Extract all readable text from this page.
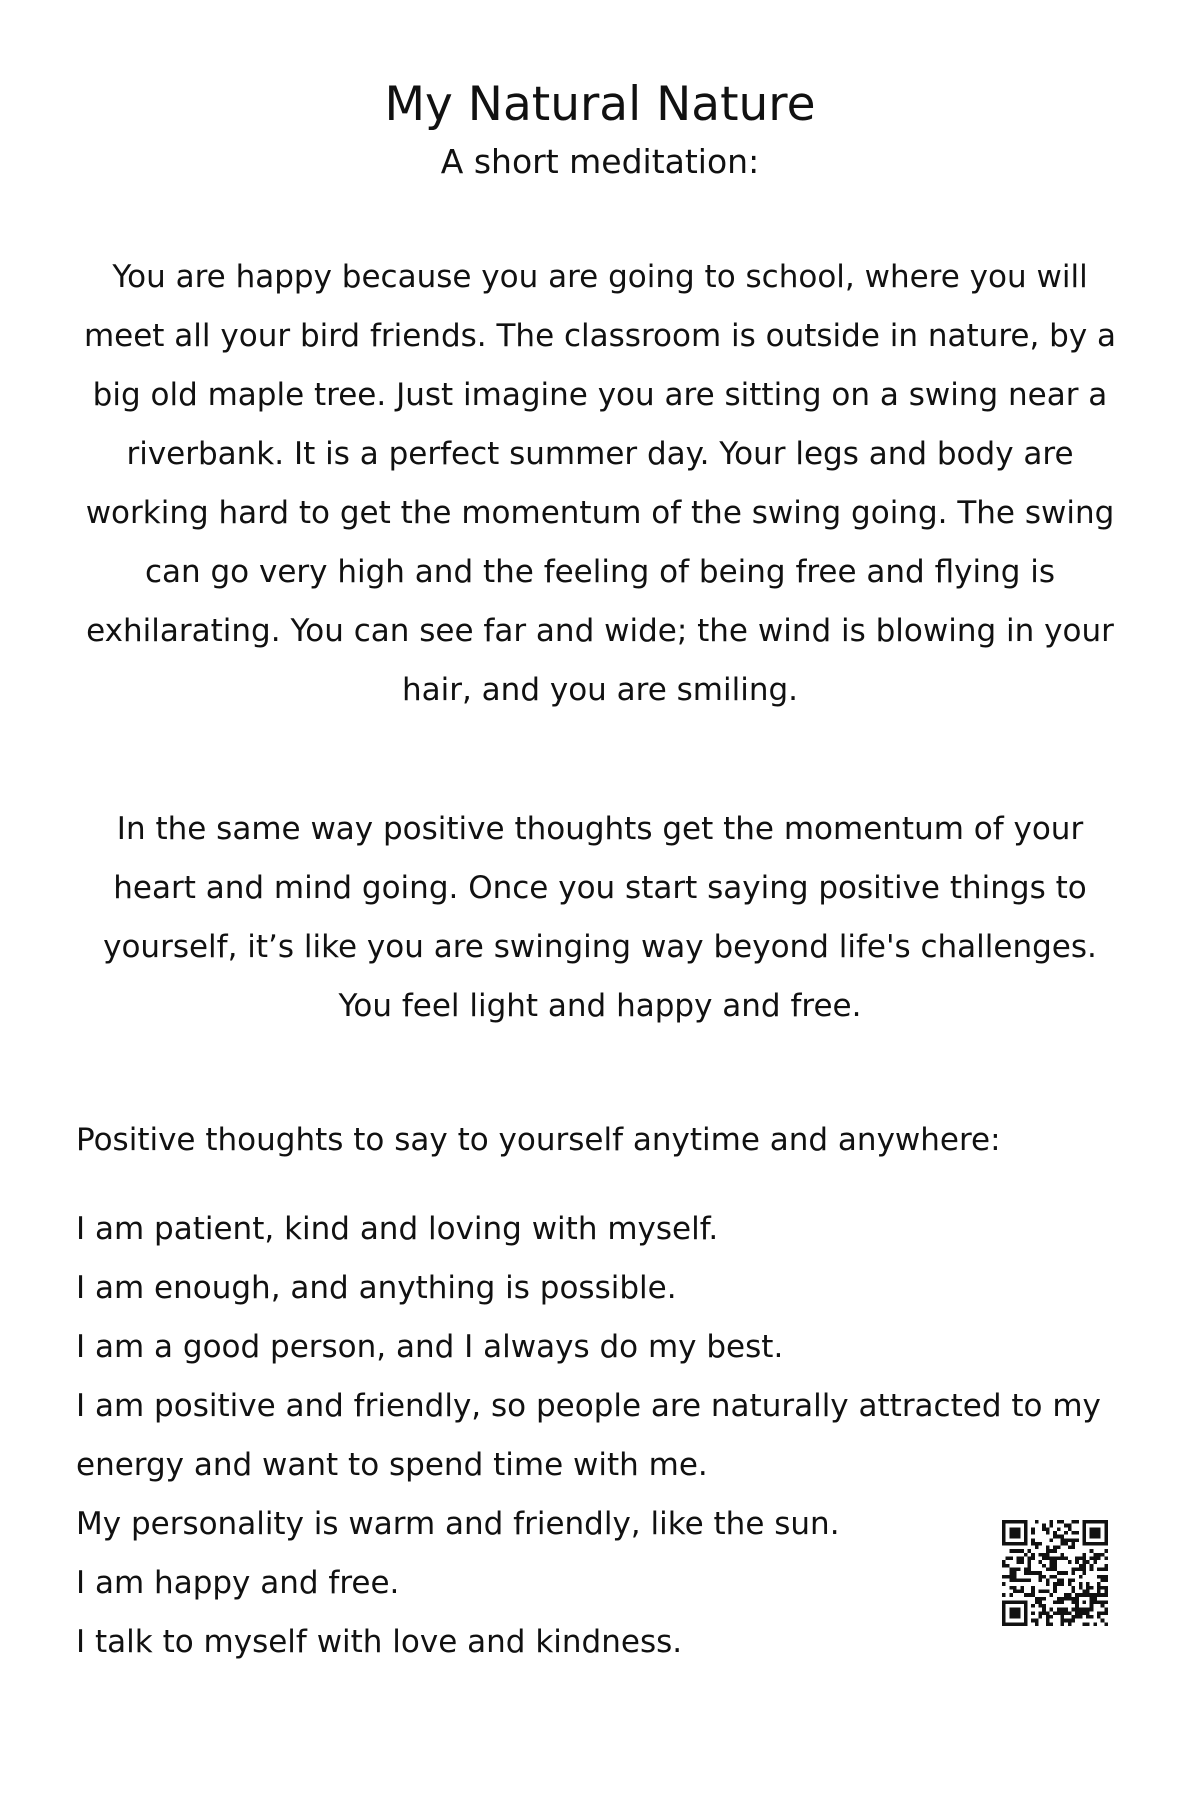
My Natural Nature

A short meditation:

You are happy because you are going to school, where you will meet all your bird friends. The classroom is outside in nature, by a big old maple tree. Just imagine you are sitting on a swing near a riverbank. It is a perfect summer day. Your legs and body are working hard to get the momentum of the swing going. The swing can go very high and the feeling of being free and flying is exhilarating. You can see far and wide; the wind is blowing in your hair, and you are smiling.

In the same way positive thoughts get the momentum of your heart and mind going. Once you start saying positive things to yourself, it’s like you are swinging way beyond life's challenges. You feel light and happy and free.

Positive thoughts to say to yourself anytime and anywhere:

I am patient, kind and loving with myself.
I am enough, and anything is possible.
I am a good person, and I always do my best.
I am positive and friendly, so people are naturally attracted to my energy and want to spend time with me.
My personality is warm and friendly, like the sun.
I am happy and free.
I talk to myself with love and kindness.
